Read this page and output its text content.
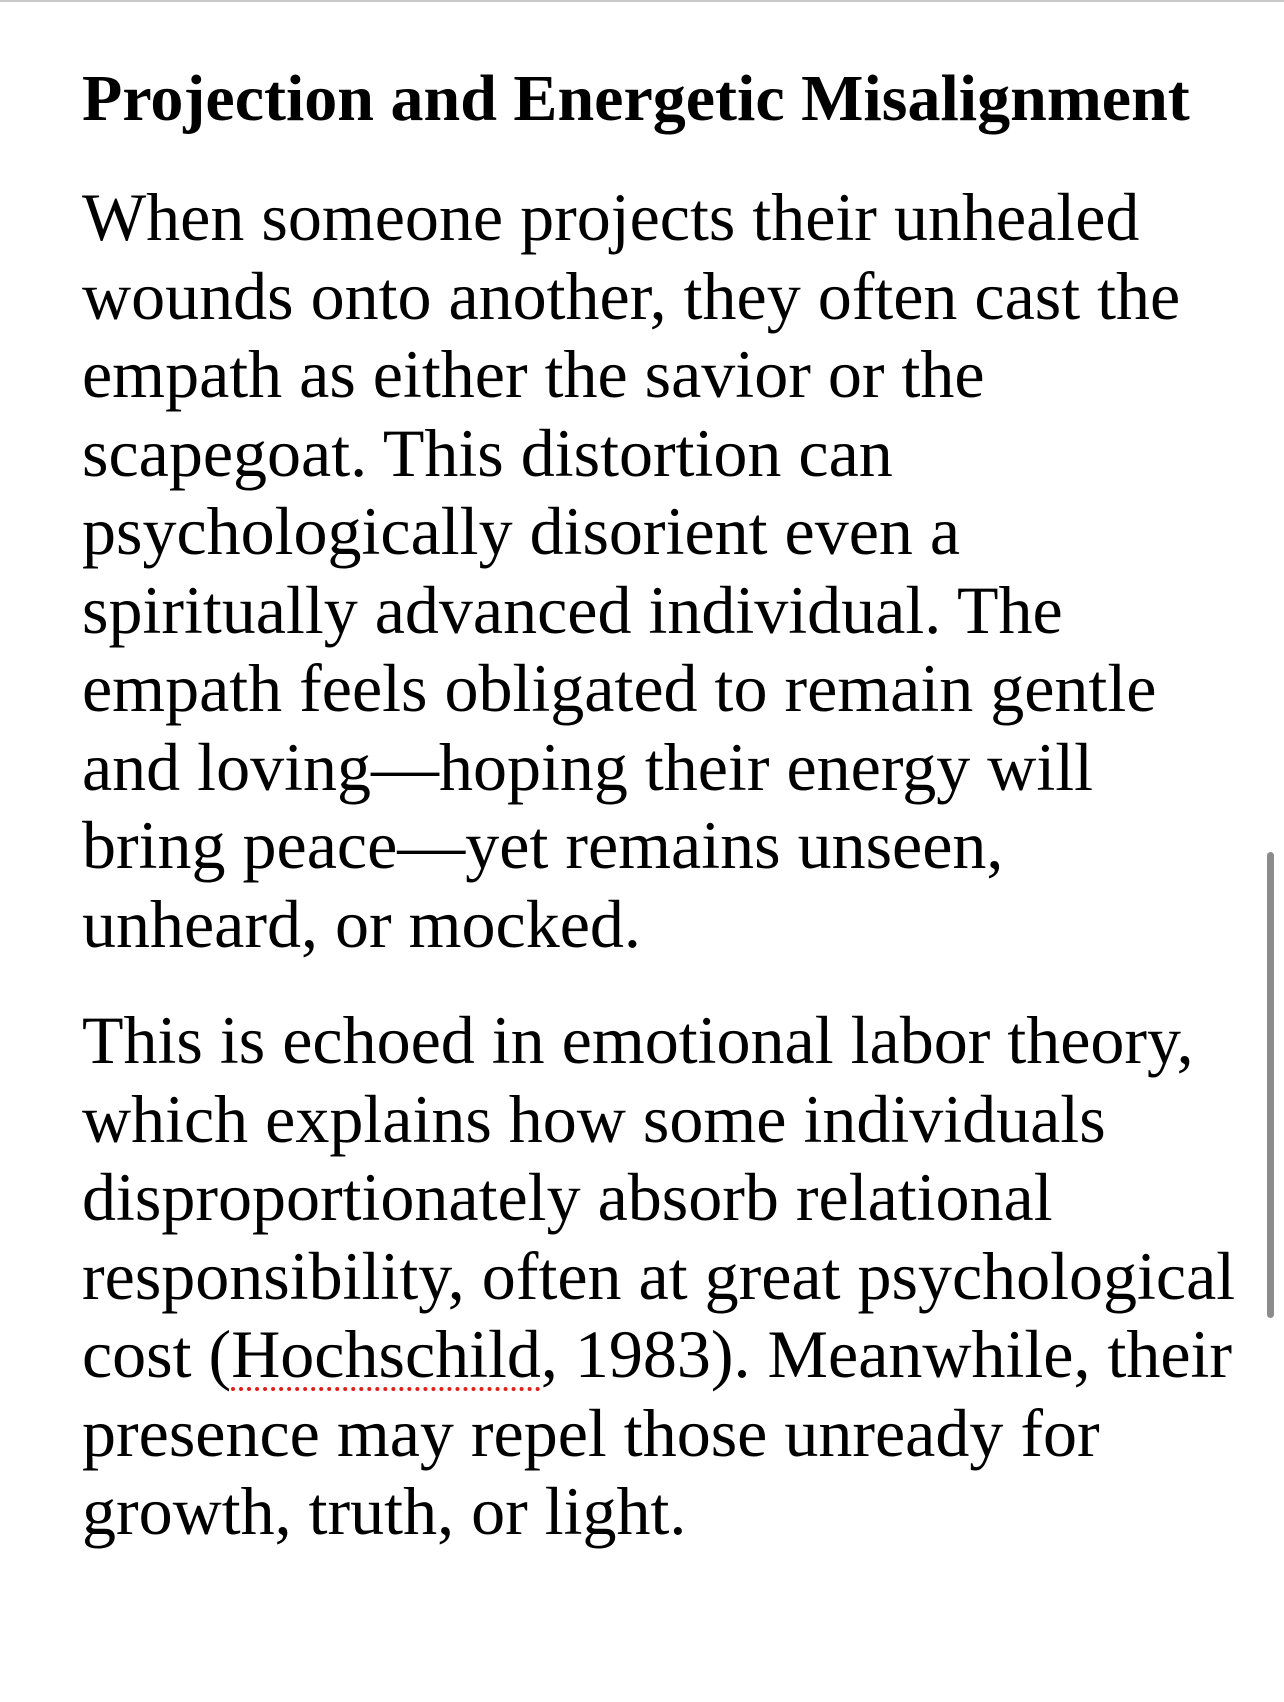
Projection and Energetic Misalignment

When someone projects their unhealed wounds onto another, they often cast the empath as either the savior or the scapegoat. This distortion can psychologically disorient even a spiritually advanced individual. The empath feels obligated to remain gentle and loving—hoping their energy will bring peace—yet remains unseen, unheard, or mocked.

This is echoed in emotional labor theory, which explains how some individuals disproportionately absorb relational responsibility, often at great psychological cost (Hochschild, 1983). Meanwhile, their presence may repel those unready for growth, truth, or light.
